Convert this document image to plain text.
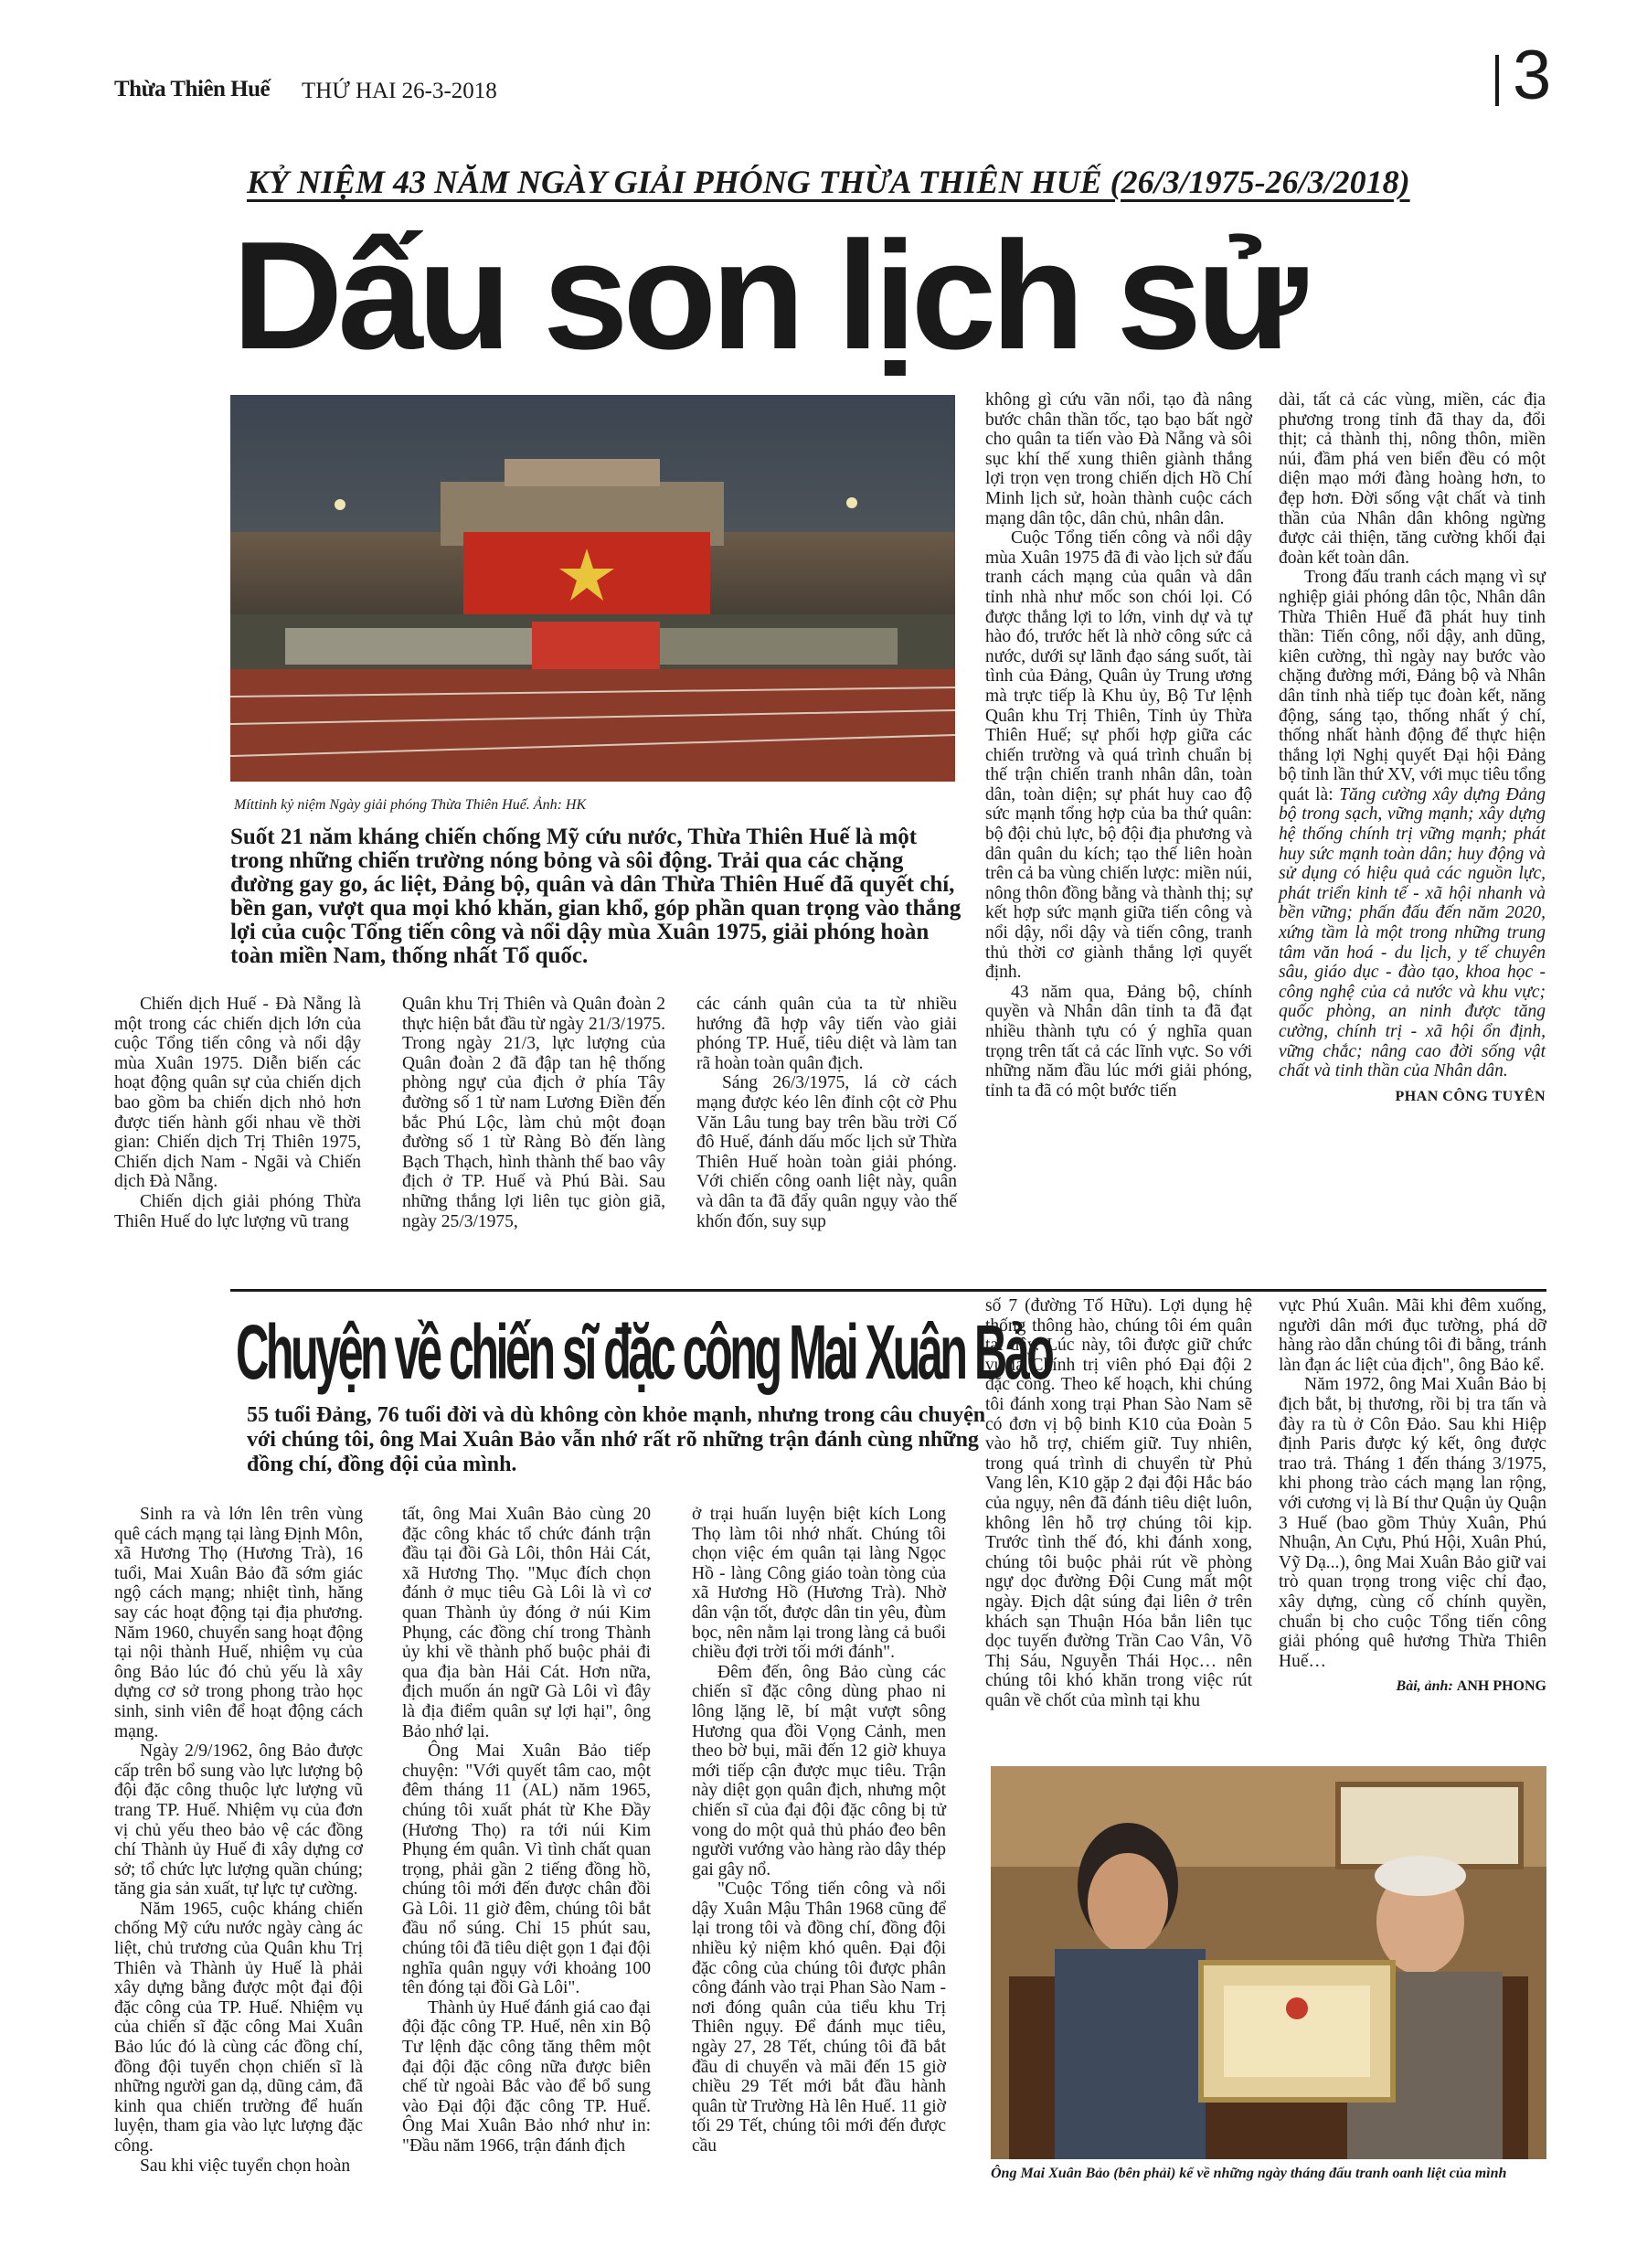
Thừa Thiên Huế THỨ HAI 26-3-2018	3
KỶ NIỆM 43 NĂM NGÀY GIẢI PHÓNG THỪA THIÊN HUẾ (26/3/1975-26/3/2018)
Dấu son lịch sử
Míttinh kỷ niệm Ngày giải phóng Thừa Thiên Huế. Ảnh: HK
Suốt 21 năm kháng chiến chống Mỹ cứu nước, Thừa Thiên Huế là một trong những chiến trường nóng bỏng và sôi động. Trải qua các chặng đường gay go, ác liệt, Đảng bộ, quân và dân Thừa Thiên Huế đã quyết chí, bền gan, vượt qua mọi khó khăn, gian khổ, góp phần quan trọng vào thắng lợi của cuộc Tổng tiến công và nổi dậy mùa Xuân 1975, giải phóng hoàn toàn miền Nam, thống nhất Tổ quốc.

Chiến dịch Huế - Đà Nẵng là một trong các chiến dịch lớn của cuộc Tổng tiến công và nổi dậy mùa Xuân 1975. Diễn biến các hoạt động quân sự của chiến dịch bao gồm ba chiến dịch nhỏ hơn được tiến hành gối nhau về thời gian: Chiến dịch Trị Thiên 1975, Chiến dịch Nam - Ngãi và Chiến dịch Đà Nẵng.

Chiến dịch giải phóng Thừa Thiên Huế do lực lượng vũ trang

Quân khu Trị Thiên và Quân đoàn 2 thực hiện bắt đầu từ ngày 21/3/1975. Trong ngày 21/3, lực lượng của Quân đoàn 2 đã đập tan hệ thống phòng ngự của địch ở phía Tây đường số 1 từ nam Lương Điền đến bắc Phú Lộc, làm chủ một đoạn đường số 1 từ Ràng Bò đến làng Bạch Thạch, hình thành thế bao vây địch ở TP. Huế và Phú Bài. Sau những thắng lợi liên tục giòn giã, ngày 25/3/1975,

các cánh quân của ta từ nhiều hướng đã hợp vây tiến vào giải phóng TP. Huế, tiêu diệt và làm tan rã hoàn toàn quân địch.

Sáng 26/3/1975, lá cờ cách mạng được kéo lên đỉnh cột cờ Phu Văn Lâu tung bay trên bầu trời Cố đô Huế, đánh dấu mốc lịch sử Thừa Thiên Huế hoàn toàn giải phóng. Với chiến công oanh liệt này, quân và dân ta đã đẩy quân ngụy vào thế khốn đốn, suy sụp

không gì cứu vãn nổi, tạo đà nâng bước chân thần tốc, tạo bạo bất ngờ cho quân ta tiến vào Đà Nẵng và sôi sục khí thế xung thiên giành thắng lợi trọn vẹn trong chiến dịch Hồ Chí Minh lịch sử, hoàn thành cuộc cách mạng dân tộc, dân chủ, nhân dân.

Cuộc Tổng tiến công và nổi dậy mùa Xuân 1975 đã đi vào lịch sử đấu tranh cách mạng của quân và dân tỉnh nhà như mốc son chói lọi. Có được thắng lợi to lớn, vinh dự và tự hào đó, trước hết là nhờ công sức cả nước, dưới sự lãnh đạo sáng suốt, tài tình của Đảng, Quân ủy Trung ương mà trực tiếp là Khu ủy, Bộ Tư lệnh Quân khu Trị Thiên, Tỉnh ủy Thừa Thiên Huế; sự phối hợp giữa các chiến trường và quá trình chuẩn bị thế trận chiến tranh nhân dân, toàn dân, toàn diện; sự phát huy cao độ sức mạnh tổng hợp của ba thứ quân: bộ đội chủ lực, bộ đội địa phương và dân quân du kích; tạo thế liên hoàn trên cả ba vùng chiến lược: miền núi, nông thôn đồng bằng và thành thị; sự kết hợp sức mạnh giữa tiến công và nổi dậy, nổi dậy và tiến công, tranh thủ thời cơ giành thắng lợi quyết định.

43 năm qua, Đảng bộ, chính quyền và Nhân dân tỉnh ta đã đạt nhiều thành tựu có ý nghĩa quan trọng trên tất cả các lĩnh vực. So với những năm đầu lúc mới giải phóng, tỉnh ta đã có một bước tiến

dài, tất cả các vùng, miền, các địa phương trong tỉnh đã thay da, đổi thịt; cả thành thị, nông thôn, miền núi, đầm phá ven biển đều có một diện mạo mới đàng hoàng hơn, to đẹp hơn. Đời sống vật chất và tinh thần của Nhân dân không ngừng được cải thiện, tăng cường khối đại đoàn kết toàn dân.

Trong đấu tranh cách mạng vì sự nghiệp giải phóng dân tộc, Nhân dân Thừa Thiên Huế đã phát huy tinh thần: Tiến công, nổi dậy, anh dũng, kiên cường, thì ngày nay bước vào chặng đường mới, Đảng bộ và Nhân dân tỉnh nhà tiếp tục đoàn kết, năng động, sáng tạo, thống nhất ý chí, thống nhất hành động để thực hiện thắng lợi Nghị quyết Đại hội Đảng bộ tỉnh lần thứ XV, với mục tiêu tổng quát là: Tăng cường xây dựng Đảng bộ trong sạch, vững mạnh; xây dựng hệ thống chính trị vững mạnh; phát huy sức mạnh toàn dân; huy động và sử dụng có hiệu quả các nguồn lực, phát triển kinh tế - xã hội nhanh và bền vững; phấn đấu đến năm 2020, xứng tầm là một trong những trung tâm văn hoá - du lịch, y tế chuyên sâu, giáo dục - đào tạo, khoa học - công nghệ của cả nước và khu vực; quốc phòng, an ninh được tăng cường, chính trị - xã hội ổn định, vững chắc; nâng cao đời sống vật chất và tinh thần của Nhân dân.

PHAN CÔNG TUYÊN
Chuyện về chiến sĩ đặc công Mai Xuân Bảo
55 tuổi Đảng, 76 tuổi đời và dù không còn khỏe mạnh, nhưng trong câu chuyện với chúng tôi, ông Mai Xuân Bảo vẫn nhớ rất rõ những trận đánh cùng những đồng chí, đồng đội của mình.

Sinh ra và lớn lên trên vùng quê cách mạng tại làng Định Môn, xã Hương Thọ (Hương Trà), 16 tuổi, Mai Xuân Bảo đã sớm giác ngộ cách mạng; nhiệt tình, hăng say các hoạt động tại địa phương. Năm 1960, chuyển sang hoạt động tại nội thành Huế, nhiệm vụ của ông Bảo lúc đó chủ yếu là xây dựng cơ sở trong phong trào học sinh, sinh viên để hoạt động cách mạng.

Ngày 2/9/1962, ông Bảo được cấp trên bổ sung vào lực lượng bộ đội đặc công thuộc lực lượng vũ trang TP. Huế. Nhiệm vụ của đơn vị chủ yếu theo bảo vệ các đồng chí Thành ủy Huế đi xây dựng cơ sở; tổ chức lực lượng quần chúng; tăng gia sản xuất, tự lực tự cường.

Năm 1965, cuộc kháng chiến chống Mỹ cứu nước ngày càng ác liệt, chủ trương của Quân khu Trị Thiên và Thành ủy Huế là phải xây dựng bằng được một đại đội đặc công của TP. Huế. Nhiệm vụ của chiến sĩ đặc công Mai Xuân Bảo lúc đó là cùng các đồng chí, đồng đội tuyển chọn chiến sĩ là những người gan dạ, dũng cảm, đã kinh qua chiến trường để huấn luyện, tham gia vào lực lượng đặc công.

Sau khi việc tuyển chọn hoàn

tất, ông Mai Xuân Bảo cùng 20 đặc công khác tổ chức đánh trận đầu tại đồi Gà Lôi, thôn Hải Cát, xã Hương Thọ. "Mục đích chọn đánh ở mục tiêu Gà Lôi là vì cơ quan Thành ủy đóng ở núi Kim Phụng, các đồng chí trong Thành ủy khi về thành phố buộc phải đi qua địa bàn Hải Cát. Hơn nữa, địch muốn án ngữ Gà Lôi vì đây là địa điểm quân sự lợi hại", ông Bảo nhớ lại.

Ông Mai Xuân Bảo tiếp chuyện: "Với quyết tâm cao, một đêm tháng 11 (AL) năm 1965, chúng tôi xuất phát từ Khe Đầy (Hương Thọ) ra tới núi Kim Phụng ém quân. Vì tình chất quan trọng, phải gần 2 tiếng đồng hồ, chúng tôi mới đến được chân đồi Gà Lôi. 11 giờ đêm, chúng tôi bắt đầu nổ súng. Chỉ 15 phút sau, chúng tôi đã tiêu diệt gọn 1 đại đội nghĩa quân ngụy với khoảng 100 tên đóng tại đồi Gà Lôi".

Thành ủy Huế đánh giá cao đại đội đặc công TP. Huế, nên xin Bộ Tư lệnh đặc công tăng thêm một đại đội đặc công nữa được biên chế từ ngoài Bắc vào để bổ sung vào Đại đội đặc công TP. Huế. Ông Mai Xuân Bảo nhớ như in: "Đầu năm 1966, trận đánh địch

ở trại huấn luyện biệt kích Long Thọ làm tôi nhớ nhất. Chúng tôi chọn việc ém quân tại làng Ngọc Hồ - làng Công giáo toàn tòng của xã Hương Hồ (Hương Trà). Nhờ dân vận tốt, được dân tin yêu, đùm bọc, nên nằm lại trong làng cả buổi chiều đợi trời tối mới đánh".

Đêm đến, ông Bảo cùng các chiến sĩ đặc công dùng phao ni lông lặng lẽ, bí mật vượt sông Hương qua đồi Vọng Cảnh, men theo bờ bụi, mãi đến 12 giờ khuya mới tiếp cận được mục tiêu. Trận này diệt gọn quân địch, nhưng một chiến sĩ của đại đội đặc công bị tử vong do một quả thủ pháo đeo bên người vướng vào hàng rào dây thép gai gây nổ.

"Cuộc Tổng tiến công và nổi dậy Xuân Mậu Thân 1968 cũng để lại trong tôi và đồng chí, đồng đội nhiều kỷ niệm khó quên. Đại đội đặc công của chúng tôi được phân công đánh vào trại Phan Sào Nam - nơi đóng quân của tiểu khu Trị Thiên ngụy. Để đánh mục tiêu, ngày 27, 28 Tết, chúng tôi đã bắt đầu di chuyển và mãi đến 15 giờ chiều 29 Tết mới bắt đầu hành quân từ Trường Hà lên Huế. 11 giờ tối 29 Tết, chúng tôi mới đến được cầu

số 7 (đường Tố Hữu). Lợi dụng hệ thống thông hào, chúng tôi ém quân tại đây. Lúc này, tôi được giữ chức vụ là Chính trị viên phó Đại đội 2 đặc công. Theo kế hoạch, khi chúng tôi đánh xong trại Phan Sào Nam sẽ có đơn vị bộ binh K10 của Đoàn 5 vào hỗ trợ, chiếm giữ. Tuy nhiên, trong quá trình di chuyển từ Phủ Vang lên, K10 gặp 2 đại đội Hắc báo của ngụy, nên đã đánh tiêu diệt luôn, không lên hỗ trợ chúng tôi kịp. Trước tình thế đó, khi đánh xong, chúng tôi buộc phải rút về phòng ngự dọc đường Đội Cung mất một ngày. Địch dật súng đại liên ở trên khách sạn Thuận Hóa bắn liên tục dọc tuyến đường Trần Cao Vân, Võ Thị Sáu, Nguyễn Thái Học… nên chúng tôi khó khăn trong việc rút quân về chốt của mình tại khu

vực Phú Xuân. Mãi khi đêm xuống, người dân mới đục tường, phá dỡ hàng rào dẫn chúng tôi đi bằng, tránh làn đạn ác liệt của địch", ông Bảo kể.

Năm 1972, ông Mai Xuân Bảo bị địch bắt, bị thương, rồi bị tra tấn và đày ra tù ở Côn Đảo. Sau khi Hiệp định Paris được ký kết, ông được trao trả. Tháng 1 đến tháng 3/1975, khi phong trào cách mạng lan rộng, với cương vị là Bí thư Quận ủy Quận 3 Huế (bao gồm Thủy Xuân, Phú Nhuận, An Cựu, Phú Hội, Xuân Phú, Vỹ Dạ...), ông Mai Xuân Bảo giữ vai trò quan trọng trong việc chỉ đạo, xây dựng, cùng cố chính quyền, chuẩn bị cho cuộc Tổng tiến công giải phóng quê hương Thừa Thiên Huế…

Bài, ảnh: ANH PHONG
Ông Mai Xuân Bảo (bên phải) kể về những ngày tháng đấu tranh oanh liệt của mình
